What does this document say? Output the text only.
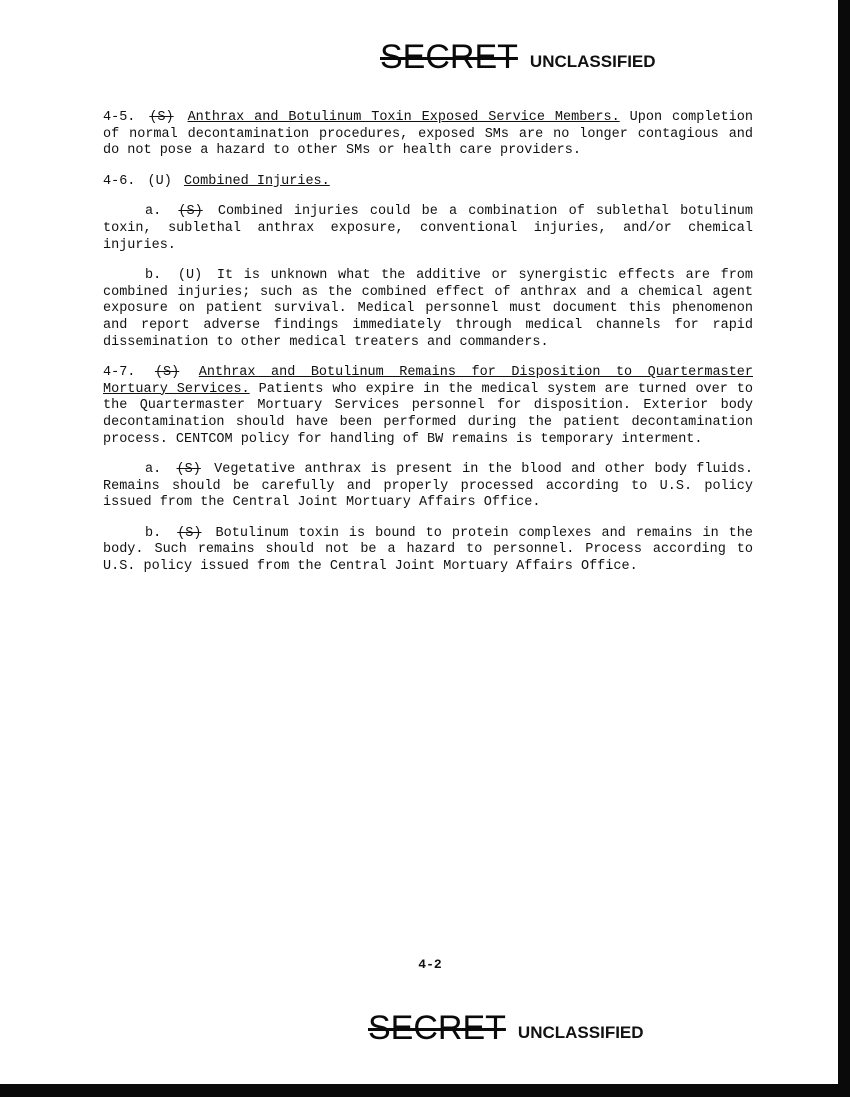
SECRET UNCLASSIFIED

4-5. (S) Anthrax and Botulinum Toxin Exposed Service Members. Upon completion of normal decontamination procedures, exposed SMs are no longer contagious and do not pose a hazard to other SMs or health care providers.

4-6. (U) Combined Injuries.

a. (S) Combined injuries could be a combination of sublethal botulinum toxin, sublethal anthrax exposure, conventional injuries, and/or chemical injuries.

b. (U) It is unknown what the additive or synergistic effects are from combined injuries; such as the combined effect of anthrax and a chemical agent exposure on patient survival. Medical personnel must document this phenomenon and report adverse findings immediately through medical channels for rapid dissemination to other medical treaters and commanders.

4-7. (S) Anthrax and Botulinum Remains for Disposition to Quartermaster Mortuary Services. Patients who expire in the medical system are turned over to the Quartermaster Mortuary Services personnel for disposition. Exterior body decontamination should have been performed during the patient decontamination process. CENTCOM policy for handling of BW remains is temporary interment.

a. (S) Vegetative anthrax is present in the blood and other body fluids. Remains should be carefully and properly processed according to U.S. policy issued from the Central Joint Mortuary Affairs Office.

b. (S) Botulinum toxin is bound to protein complexes and remains in the body. Such remains should not be a hazard to personnel. Process according to U.S. policy issued from the Central Joint Mortuary Affairs Office.

4-2
SECRET UNCLASSIFIED
